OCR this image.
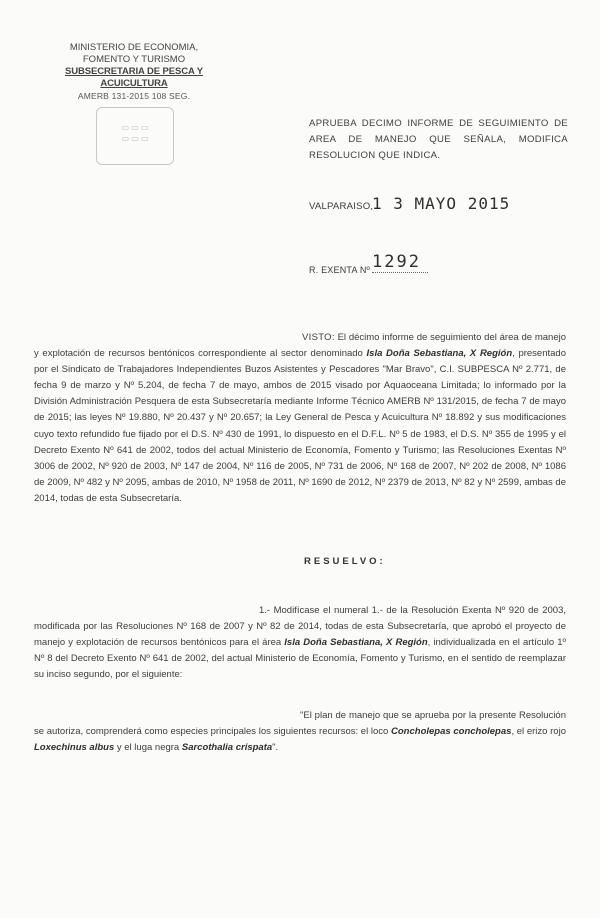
MINISTERIO DE ECONOMIA,
FOMENTO Y TURISMO
SUBSECRETARIA DE PESCA Y ACUICULTURA
AMERB 131-2015 108 SEG.
▭ ▭ ▭
▭ ▭ ▭
APRUEBA DECIMO INFORME DE SEGUIMIENTO DE AREA DE MANEJO QUE SEÑALA, MODIFICA RESOLUCION QUE INDICA.
VALPARAISO,
1 3 MAYO 2015
R. EXENTA Nº 1292
VISTO: El décimo informe de seguimiento del área de manejo y explotación de recursos bentónicos correspondiente al sector denominado Isla Doña Sebastiana, X Región, presentado por el Sindicato de Trabajadores Independientes Buzos Asistentes y Pescadores "Mar Bravo", C.I. SUBPESCA Nº 2.771, de fecha 9 de marzo y Nº 5.204, de fecha 7 de mayo, ambos de 2015 visado por Aquaoceana Limitada; lo informado por la División Administración Pesquera de esta Subsecretaría mediante Informe Técnico AMERB Nº 131/2015, de fecha 7 de mayo de 2015; las leyes Nº 19.880, Nº 20.437 y Nº 20.657; la Ley General de Pesca y Acuicultura Nº 18.892 y sus modificaciones cuyo texto refundido fue fijado por el D.S. Nº 430 de 1991, lo dispuesto en el D.F.L. Nº 5 de 1983, el D.S. Nº 355 de 1995 y el Decreto Exento Nº 641 de 2002, todos del actual Ministerio de Economía, Fomento y Turismo; las Resoluciones Exentas Nº 3006 de 2002, Nº 920 de 2003, Nº 147 de 2004, Nº 116 de 2005, Nº 731 de 2006, Nº 168 de 2007, Nº 202 de 2008, Nº 1086 de 2009, Nº 482 y Nº 2095, ambas de 2010, Nº 1958 de 2011, Nº 1690 de 2012, Nº 2379 de 2013, Nº 82 y Nº 2599, ambas de 2014, todas de esta Subsecretaría.
RESUELVO:
1.- Modifícase el numeral 1.- de la Resolución Exenta Nº 920 de 2003, modificada por las Resoluciones Nº 168 de 2007 y Nº 82 de 2014, todas de esta Subsecretaría, que aprobó el proyecto de manejo y explotación de recursos bentónicos para el área Isla Doña Sebastiana, X Región, individualizada en el artículo 1º Nº 8 del Decreto Exento Nº 641 de 2002, del actual Ministerio de Economía, Fomento y Turismo, en el sentido de reemplazar su inciso segundo, por el siguiente:
"El plan de manejo que se aprueba por la presente Resolución se autoriza, comprenderá como especies principales los siguientes recursos: el loco Concholepas concholepas, el erizo rojo Loxechinus albus y el luga negra Sarcothalia crispata".
